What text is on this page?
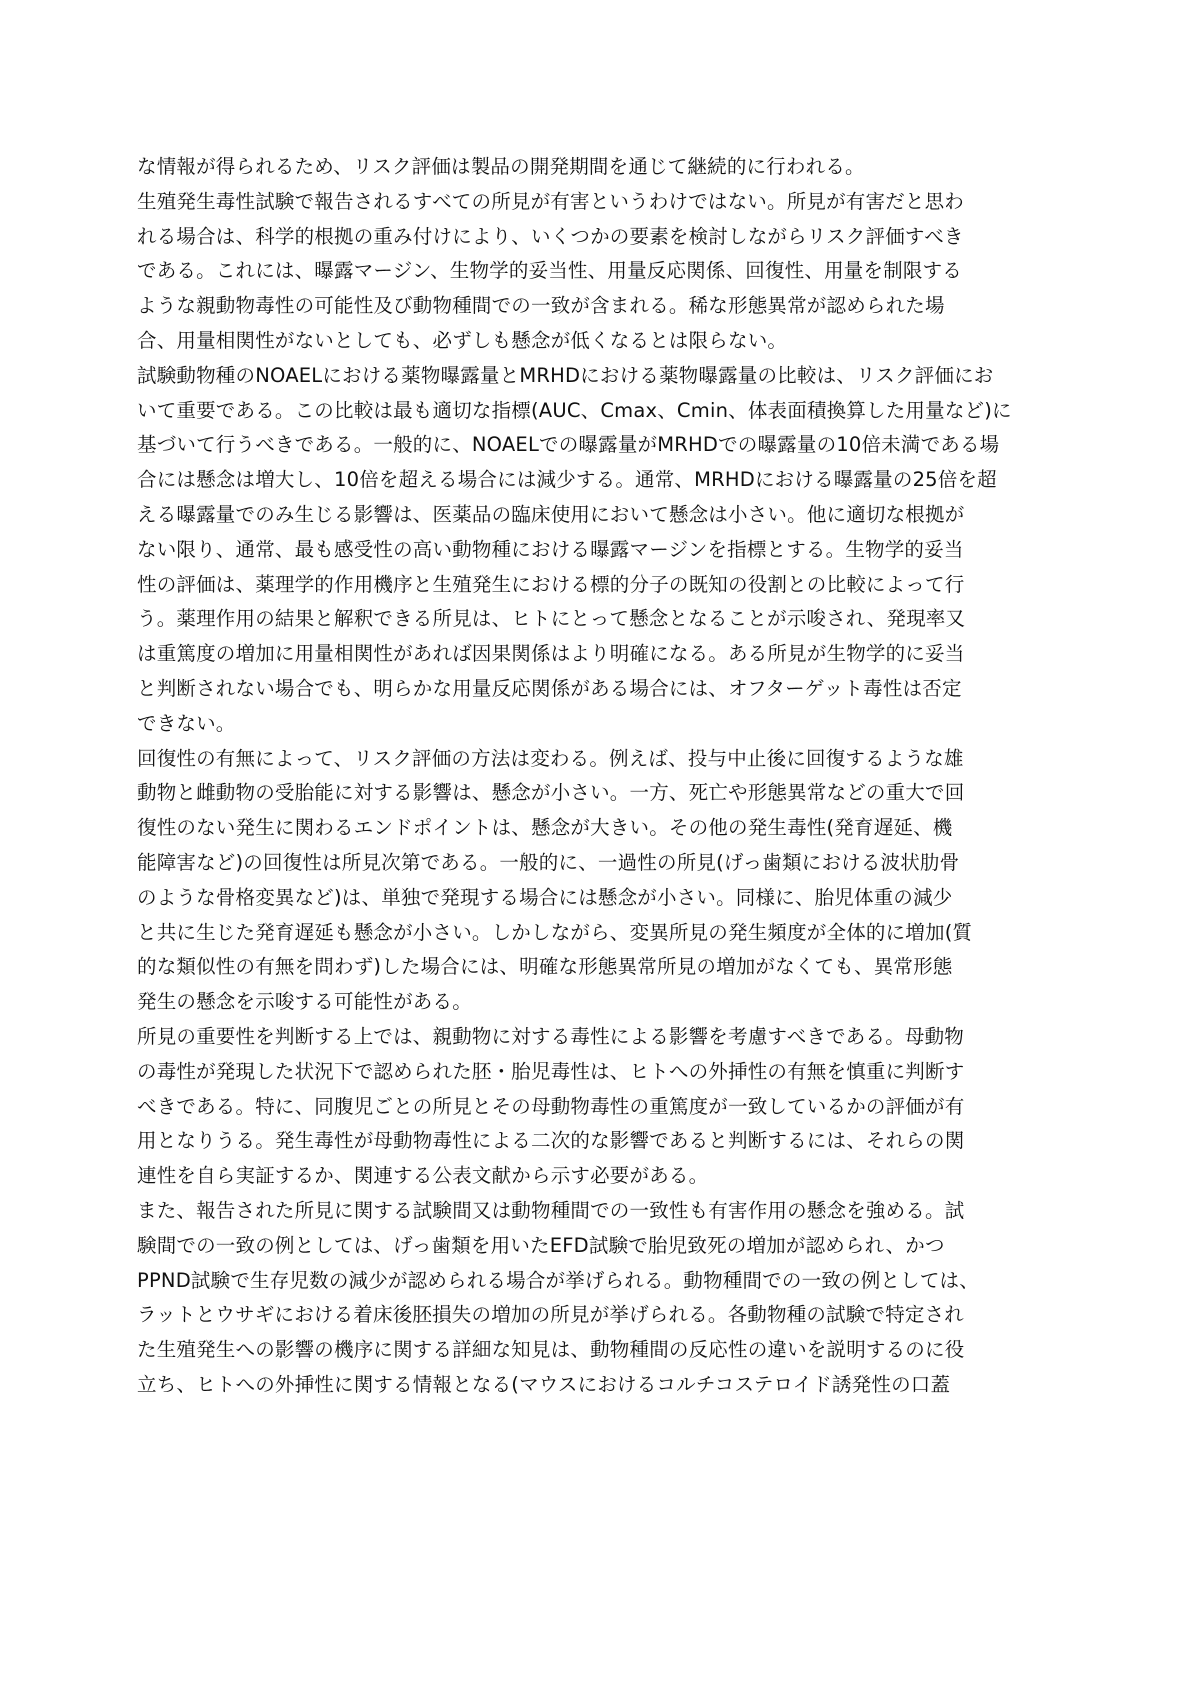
な情報が得られるため、リスク評価は製品の開発期間を通じて継続的に行われる。
生殖発生毒性試験で報告されるすべての所見が有害というわけではない。所見が有害だと思わ
れる場合は、科学的根拠の重み付けにより、いくつかの要素を検討しながらリスク評価すべき
である。これには、曝露マージン、生物学的妥当性、用量反応関係、回復性、用量を制限する
ような親動物毒性の可能性及び動物種間での一致が含まれる。稀な形態異常が認められた場
合、用量相関性がないとしても、必ずしも懸念が低くなるとは限らない。
試験動物種のNOAELにおける薬物曝露量とMRHDにおける薬物曝露量の比較は、リスク評価にお
いて重要である。この比較は最も適切な指標(AUC、Cmax、Cmin、体表面積換算した用量など)に
基づいて行うべきである。一般的に、NOAELでの曝露量がMRHDでの曝露量の10倍未満である場
合には懸念は増大し、10倍を超える場合には減少する。通常、MRHDにおける曝露量の25倍を超
える曝露量でのみ生じる影響は、医薬品の臨床使用において懸念は小さい。他に適切な根拠が
ない限り、通常、最も感受性の高い動物種における曝露マージンを指標とする。生物学的妥当
性の評価は、薬理学的作用機序と生殖発生における標的分子の既知の役割との比較によって行
う。薬理作用の結果と解釈できる所見は、ヒトにとって懸念となることが示唆され、発現率又
は重篤度の増加に用量相関性があれば因果関係はより明確になる。ある所見が生物学的に妥当
と判断されない場合でも、明らかな用量反応関係がある場合には、オフターゲット毒性は否定
できない。
回復性の有無によって、リスク評価の方法は変わる。例えば、投与中止後に回復するような雄
動物と雌動物の受胎能に対する影響は、懸念が小さい。一方、死亡や形態異常などの重大で回
復性のない発生に関わるエンドポイントは、懸念が大きい。その他の発生毒性(発育遅延、機
能障害など)の回復性は所見次第である。一般的に、一過性の所見(げっ歯類における波状肋骨
のような骨格変異など)は、単独で発現する場合には懸念が小さい。同様に、胎児体重の減少
と共に生じた発育遅延も懸念が小さい。しかしながら、変異所見の発生頻度が全体的に増加(質
的な類似性の有無を問わず)した場合には、明確な形態異常所見の増加がなくても、異常形態
発生の懸念を示唆する可能性がある。
所見の重要性を判断する上では、親動物に対する毒性による影響を考慮すべきである。母動物
の毒性が発現した状況下で認められた胚・胎児毒性は、ヒトへの外挿性の有無を慎重に判断す
べきである。特に、同腹児ごとの所見とその母動物毒性の重篤度が一致しているかの評価が有
用となりうる。発生毒性が母動物毒性による二次的な影響であると判断するには、それらの関
連性を自ら実証するか、関連する公表文献から示す必要がある。
また、報告された所見に関する試験間又は動物種間での一致性も有害作用の懸念を強める。試
験間での一致の例としては、げっ歯類を用いたEFD試験で胎児致死の増加が認められ、かつ
PPND試験で生存児数の減少が認められる場合が挙げられる。動物種間での一致の例としては、
ラットとウサギにおける着床後胚損失の増加の所見が挙げられる。各動物種の試験で特定され
た生殖発生への影響の機序に関する詳細な知見は、動物種間の反応性の違いを説明するのに役
立ち、ヒトへの外挿性に関する情報となる(マウスにおけるコルチコステロイド誘発性の口蓋
